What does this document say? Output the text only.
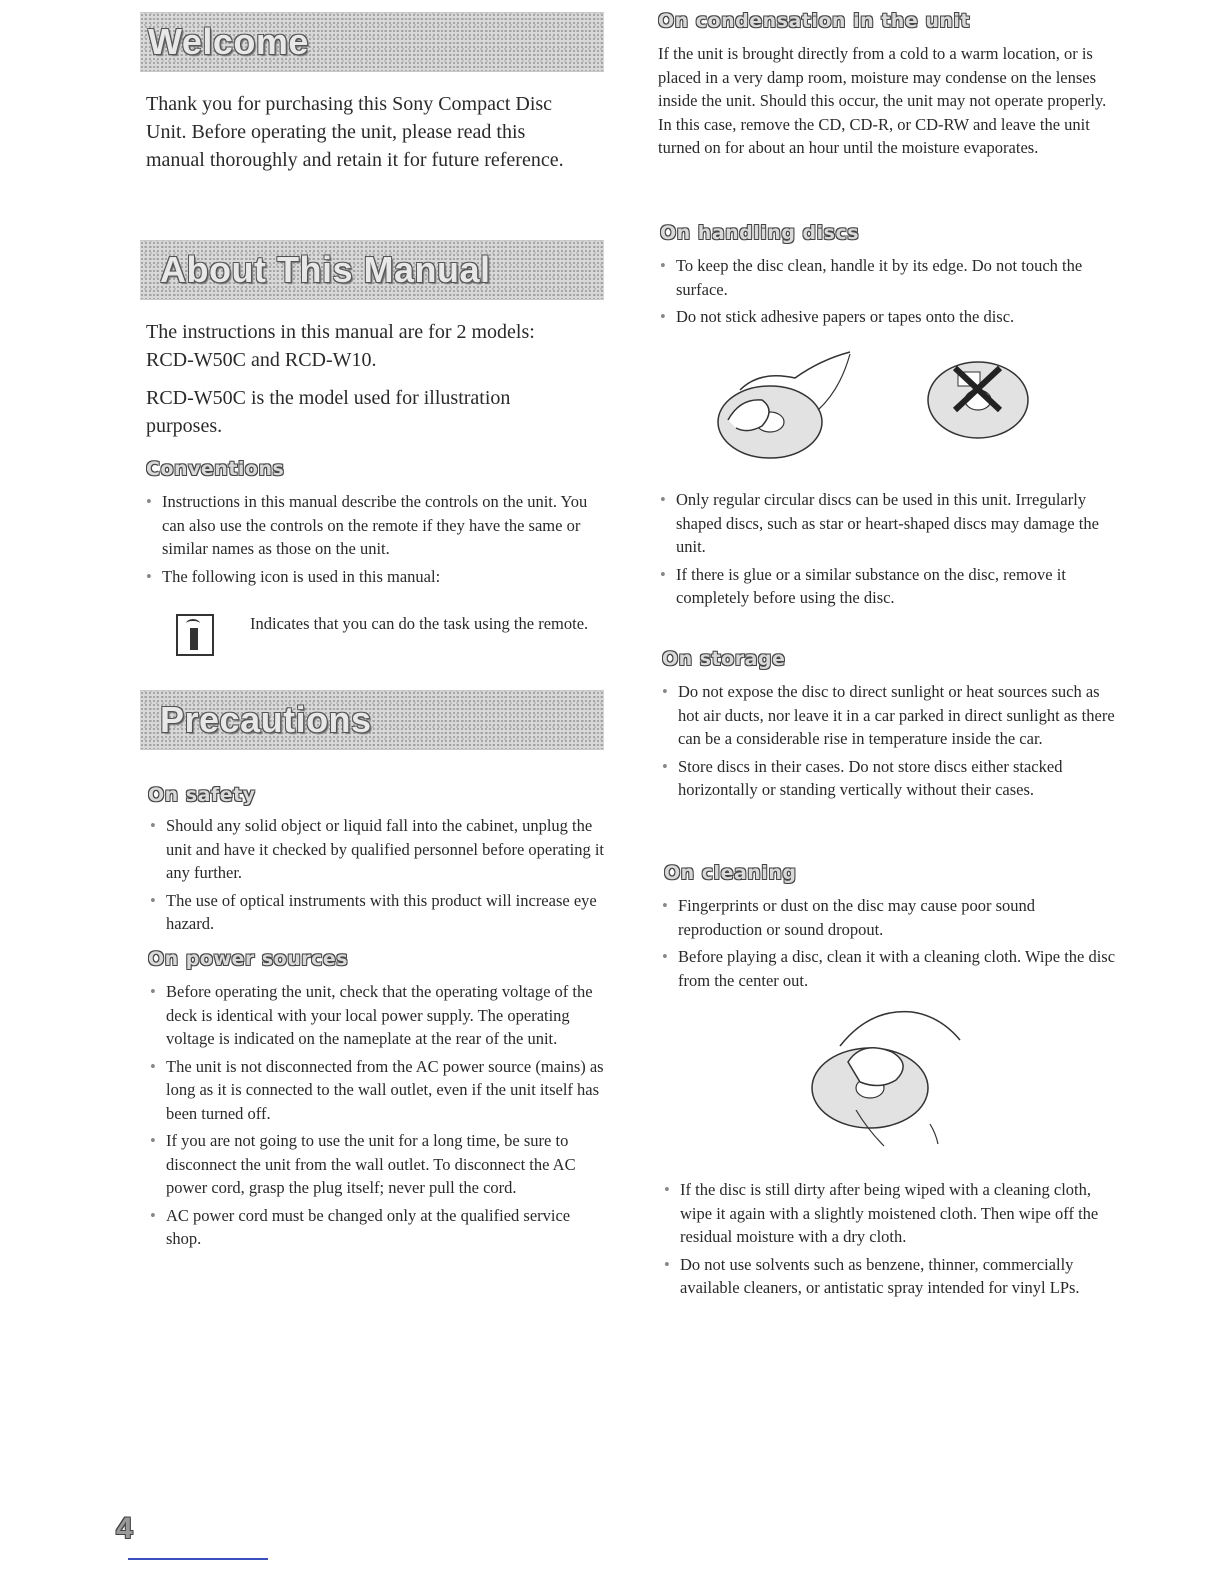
Welcome

Thank you for purchasing this Sony Compact Disc Unit. Before operating the unit, please read this manual thoroughly and retain it for future reference.

About This Manual

The instructions in this manual are for 2 models: RCD-W50C and RCD-W10.

RCD-W50C is the model used for illustration purposes.

Conventions
• Instructions in this manual describe the controls on the unit. You can also use the controls on the remote if they have the same or similar names as those on the unit.
• The following icon is used in this manual:

Indicates that you can do the task using the remote.

Precautions
On safety
• Should any solid object or liquid fall into the cabinet, unplug the unit and have it checked by qualified personnel before operating it any further.
• The use of optical instruments with this product will increase eye hazard.
On power sources
• Before operating the unit, check that the operating voltage of the deck is identical with your local power supply. The operating voltage is indicated on the nameplate at the rear of the unit.
• The unit is not disconnected from the AC power source (mains) as long as it is connected to the wall outlet, even if the unit itself has been turned off.
• If you are not going to use the unit for a long time, be sure to disconnect the unit from the wall outlet. To disconnect the AC power cord, grasp the plug itself; never pull the cord.
• AC power cord must be changed only at the qualified service shop.
On condensation in the unit

If the unit is brought directly from a cold to a warm location, or is placed in a very damp room, moisture may condense on the lenses inside the unit. Should this occur, the unit may not operate properly. In this case, remove the CD, CD-R, or CD-RW and leave the unit turned on for about an hour until the moisture evaporates.

On handling discs
• To keep the disc clean, handle it by its edge. Do not touch the surface.
• Do not stick adhesive papers or tapes onto the disc.
• Only regular circular discs can be used in this unit. Irregularly shaped discs, such as star or heart-shaped discs may damage the unit.
• If there is glue or a similar substance on the disc, remove it completely before using the disc.
On storage
• Do not expose the disc to direct sunlight or heat sources such as hot air ducts, nor leave it in a car parked in direct sunlight as there can be a considerable rise in temperature inside the car.
• Store discs in their cases. Do not store discs either stacked horizontally or standing vertically without their cases.
On cleaning
• Fingerprints or dust on the disc may cause poor sound reproduction or sound dropout.
• Before playing a disc, clean it with a cleaning cloth. Wipe the disc from the center out.
• If the disc is still dirty after being wiped with a cleaning cloth, wipe it again with a slightly moistened cloth. Then wipe off the residual moisture with a dry cloth.
• Do not use solvents such as benzene, thinner, commercially available cleaners, or antistatic spray intended for vinyl LPs.
4
